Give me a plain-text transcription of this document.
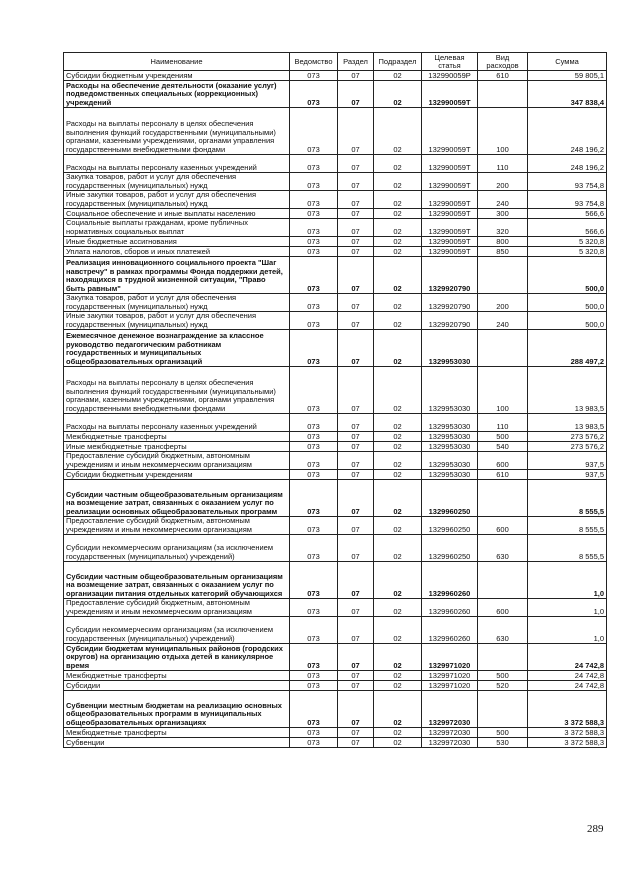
Наименование	Ведомство	Раздел	Подраздел	Целевая статья	Вид расходов	Сумма
Субсидии бюджетным учреждениям	073	07	02	132990059Р	610	59 805,1
Расходы на обеспечение деятельности (оказание услуг) подведомственных специальных (коррекционных) учреждений	073	07	02	132990059Т		347 838,4
Расходы на выплаты персоналу в целях обеспечения выполнения функций государственными (муниципальными) органами, казенными учреждениями, органами управления государственными внебюджетными фондами	073	07	02	132990059Т	100	248 196,2
Расходы на выплаты персоналу казенных учреждений	073	07	02	132990059Т	110	248 196,2
Закупка товаров, работ и услуг для обеспечения государственных (муниципальных) нужд	073	07	02	132990059Т	200	93 754,8
Иные закупки товаров, работ и услуг для обеспечения государственных (муниципальных) нужд	073	07	02	132990059Т	240	93 754,8
Социальное обеспечение и иные выплаты населению	073	07	02	132990059Т	300	566,6
Социальные выплаты гражданам, кроме публичных нормативных социальных выплат	073	07	02	132990059Т	320	566,6
Иные бюджетные ассигнования	073	07	02	132990059Т	800	5 320,8
Уплата налогов, сборов и иных платежей	073	07	02	132990059Т	850	5 320,8
Реализация инновационного социального проекта "Шаг навстречу" в рамках программы Фонда поддержки детей, находящихся в трудной жизненной ситуации, "Право быть равным"	073	07	02	1329920790		500,0
Закупка товаров, работ и услуг для обеспечения государственных (муниципальных) нужд	073	07	02	1329920790	200	500,0
Иные закупки товаров, работ и услуг для обеспечения государственных (муниципальных) нужд	073	07	02	1329920790	240	500,0
Ежемесячное денежное вознаграждение за классное руководство педагогическим работникам государственных и муниципальных общеобразовательных организаций	073	07	02	1329953030		288 497,2
Расходы на выплаты персоналу в целях обеспечения выполнения функций государственными (муниципальными) органами, казенными учреждениями, органами управления государственными внебюджетными фондами	073	07	02	1329953030	100	13 983,5
Расходы на выплаты персоналу казенных учреждений	073	07	02	1329953030	110	13 983,5
Межбюджетные трансферты	073	07	02	1329953030	500	273 576,2
Иные межбюджетные трансферты	073	07	02	1329953030	540	273 576,2
Предоставление субсидий бюджетным, автономным учреждениям и иным некоммерческим организациям	073	07	02	1329953030	600	937,5
Субсидии бюджетным учреждениям	073	07	02	1329953030	610	937,5
Субсидии частным общеобразовательным организациям на возмещение затрат, связанных с оказанием услуг по реализации основных общеобразовательных программ	073	07	02	1329960250		8 555,5
Предоставление субсидий бюджетным, автономным учреждениям и иным некоммерческим организациям	073	07	02	1329960250	600	8 555,5
Субсидии некоммерческим организациям (за исключением государственных (муниципальных) учреждений)	073	07	02	1329960250	630	8 555,5
Субсидии частным общеобразовательным организациям на возмещение затрат, связанных с оказанием услуг по организации питания отдельных категорий обучающихся	073	07	02	1329960260		1,0
Предоставление субсидий бюджетным, автономным учреждениям и иным некоммерческим организациям	073	07	02	1329960260	600	1,0
Субсидии некоммерческим организациям (за исключением государственных (муниципальных) учреждений)	073	07	02	1329960260	630	1,0
Субсидии бюджетам муниципальных районов (городских округов) на организацию отдыха детей в каникулярное время	073	07	02	1329971020		24 742,8
Межбюджетные трансферты	073	07	02	1329971020	500	24 742,8
Субсидии	073	07	02	1329971020	520	24 742,8
Субвенции местным бюджетам на реализацию основных общеобразовательных программ в муниципальных общеобразовательных организациях	073	07	02	1329972030		3 372 588,3
Межбюджетные трансферты	073	07	02	1329972030	500	3 372 588,3
Субвенции	073	07	02	1329972030	530	3 372 588,3
289
